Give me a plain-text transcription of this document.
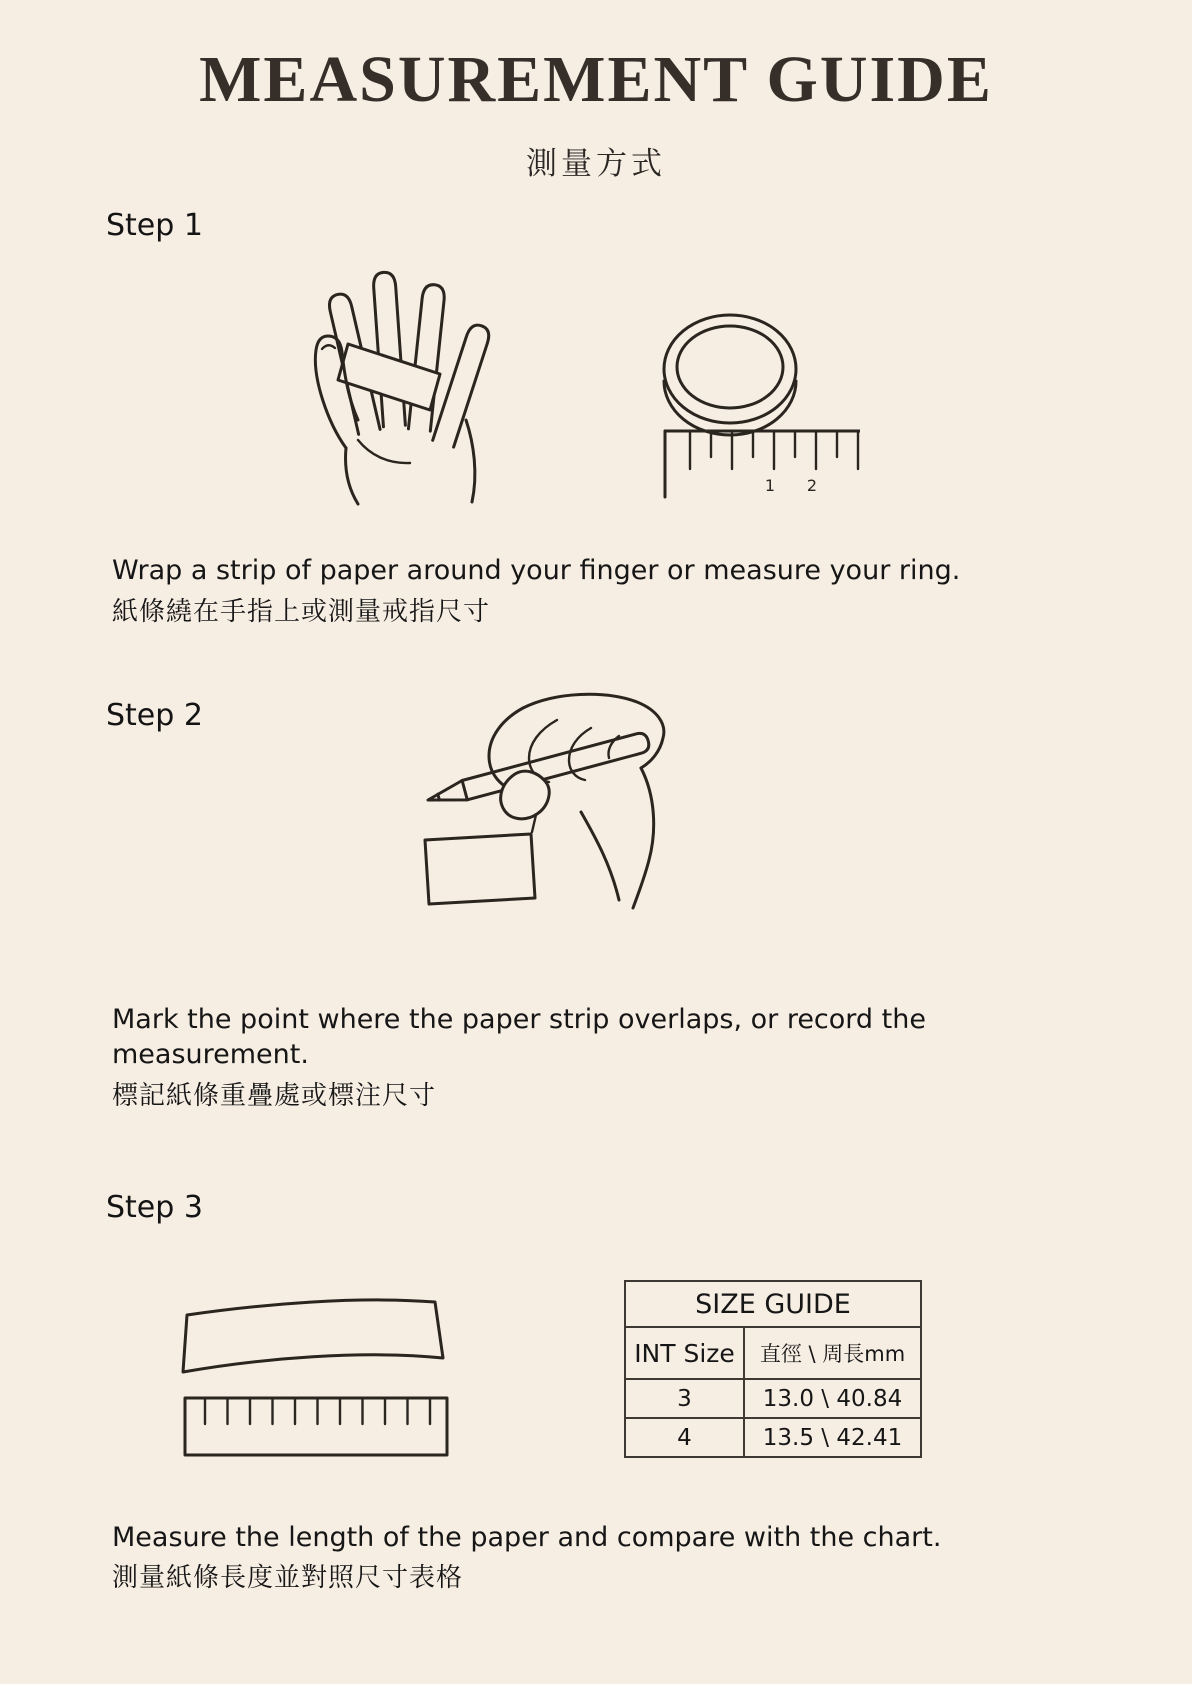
MEASUREMENT GUIDE
測量方式
Step 1
1 2
Wrap a strip of paper around your finger or measure your ring.
紙條繞在手指上或測量戒指尺寸
Step 2
Mark the point where the paper strip overlaps, or record the measurement.
標記紙條重疊處或標注尺寸
Step 3
SIZE GUIDE	
INT Size	直徑 \ 周長mm
3	13.0 \ 40.84
4	13.5 \ 42.41
Measure the length of the paper and compare with the chart.
測量紙條長度並對照尺寸表格
